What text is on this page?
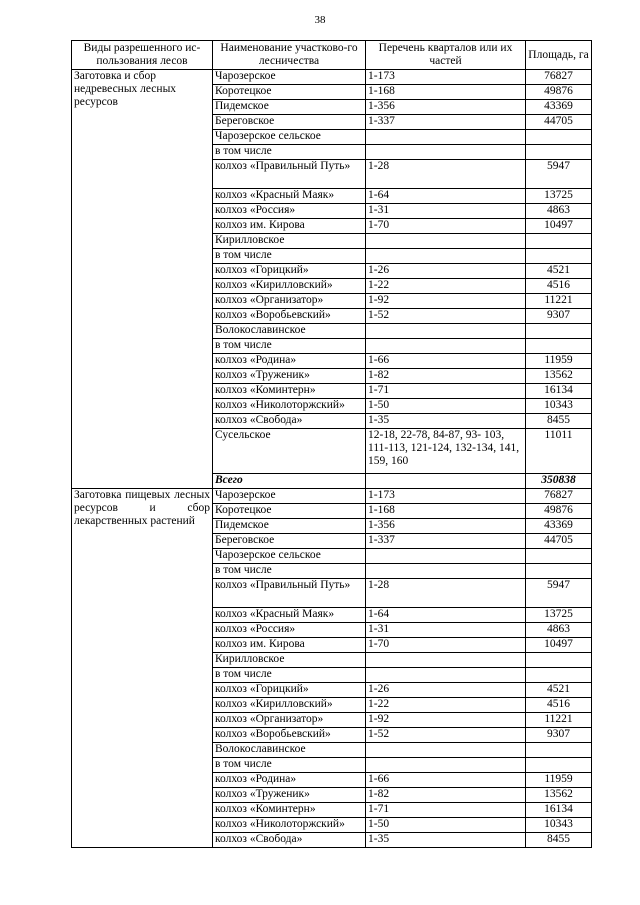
38
Виды разрешенного ис-пользования лесов	Наименование участково-го лесничества	Перечень кварталов или их частей	Площадь, га
Заготовка и сбор недревесных лесных ресурсов	Чарозерское	1-173	76827
	Коротецкое	1-168	49876
	Пидемское	1-356	43369
	Береговское	1-337	44705
	Чарозерское сельское		
	в том числе		
	колхоз «Правильный Путь»	1-28	5947
	колхоз «Красный Маяк»	1-64	13725
	колхоз «Россия»	1-31	4863
	колхоз им. Кирова	1-70	10497
	Кирилловское		
	в том числе		
	колхоз «Горицкий»	1-26	4521
	колхоз «Кирилловский»	1-22	4516
	колхоз «Организатор»	1-92	11221
	колхоз «Воробьевский»	1-52	9307
	Волокославинское		
	в том числе		
	колхоз «Родина»	1-66	11959
	колхоз «Труженик»	1-82	13562
	колхоз «Коминтерн»	1-71	16134
	колхоз «Николоторжский»	1-50	10343
	колхоз «Свобода»	1-35	8455
	Сусельское	12-18, 22-78, 84-87, 93- 103, 111-113, 121-124, 132-134, 141, 159, 160	11011
	Всего		350838
Заготовка пищевых лесных ресурсов и сбор лекарственных растений	Чарозерское	1-173	76827
	Коротецкое	1-168	49876
	Пидемское	1-356	43369
	Береговское	1-337	44705
	Чарозерское сельское		
	в том числе		
	колхоз «Правильный Путь»	1-28	5947
	колхоз «Красный Маяк»	1-64	13725
	колхоз «Россия»	1-31	4863
	колхоз им. Кирова	1-70	10497
	Кирилловское		
	в том числе		
	колхоз «Горицкий»	1-26	4521
	колхоз «Кирилловский»	1-22	4516
	колхоз «Организатор»	1-92	11221
	колхоз «Воробьевский»	1-52	9307
	Волокославинское		
	в том числе		
	колхоз «Родина»	1-66	11959
	колхоз «Труженик»	1-82	13562
	колхоз «Коминтерн»	1-71	16134
	колхоз «Николоторжский»	1-50	10343
	колхоз «Свобода»	1-35	8455
